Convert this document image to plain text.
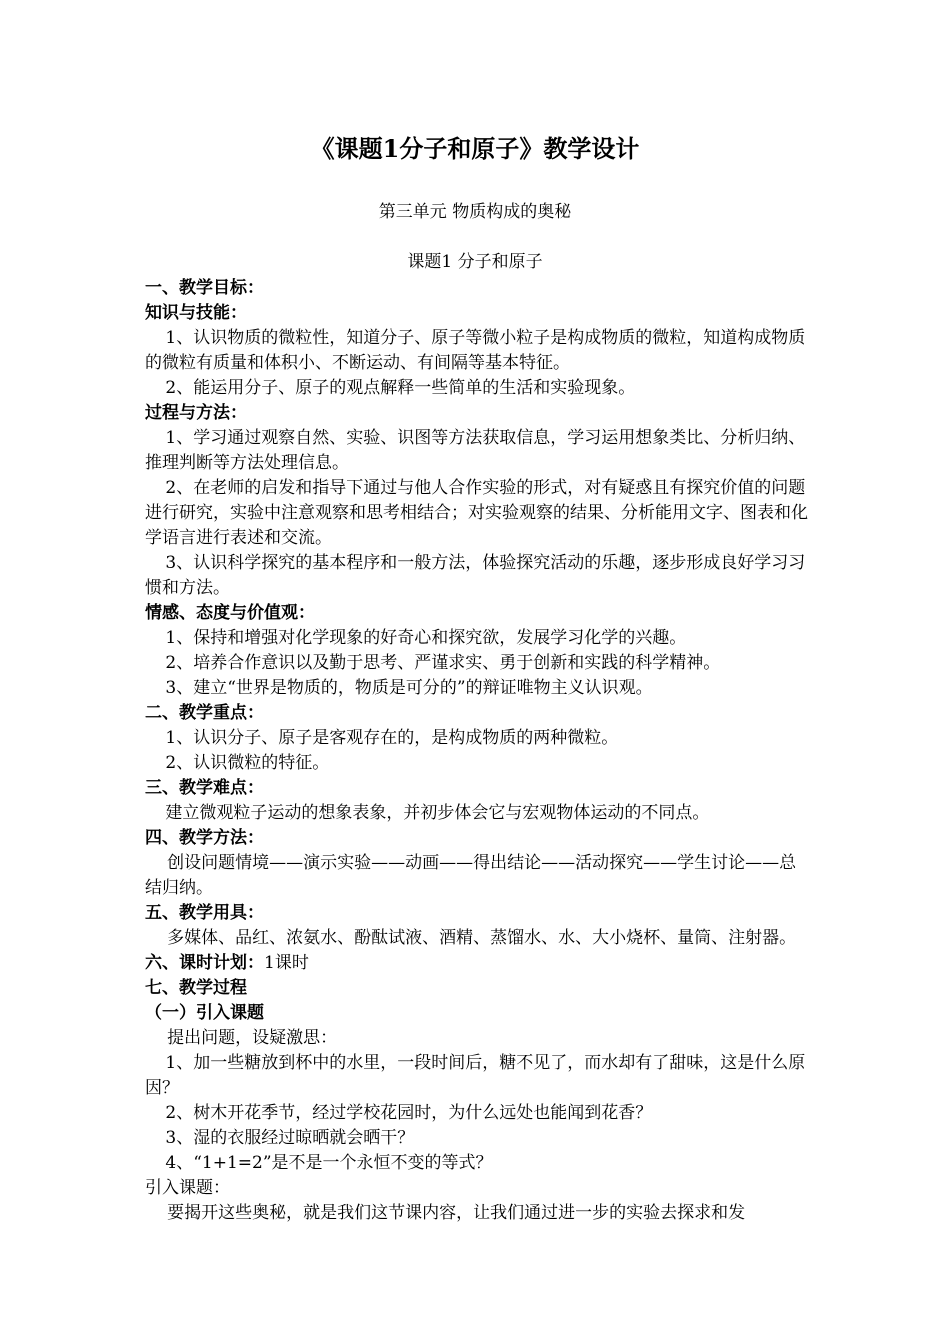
《课题1分子和原子》教学设计
第三单元 物质构成的奥秘
课题1 分子和原子

一、教学目标：

知识与技能：

1、认识物质的微粒性，知道分子、原子等微小粒子是构成物质的微粒，知道构成物质的微粒有质量和体积小、不断运动、有间隔等基本特征。

2、能运用分子、原子的观点解释一些简单的生活和实验现象。

过程与方法：

1、学习通过观察自然、实验、识图等方法获取信息，学习运用想象类比、分析归纳、推理判断等方法处理信息。

2、在老师的启发和指导下通过与他人合作实验的形式，对有疑惑且有探究价值的问题进行研究，实验中注意观察和思考相结合；对实验观察的结果、分析能用文字、图表和化学语言进行表述和交流。

3、认识科学探究的基本程序和一般方法，体验探究活动的乐趣，逐步形成良好学习习惯和方法。

情感、态度与价值观：

1、保持和增强对化学现象的好奇心和探究欲，发展学习化学的兴趣。

2、培养合作意识以及勤于思考、严谨求实、勇于创新和实践的科学精神。

3、建立“世界是物质的，物质是可分的”的辩证唯物主义认识观。

二、教学重点：

1、认识分子、原子是客观存在的，是构成物质的两种微粒。

2、认识微粒的特征。

三、教学难点：

建立微观粒子运动的想象表象，并初步体会它与宏观物体运动的不同点。

四、教学方法：

创设问题情境——演示实验——动画——得出结论——活动探究——学生讨论——总结归纳。

五、教学用具：

多媒体、品红、浓氨水、酚酞试液、酒精、蒸馏水、水、大小烧杯、量筒、注射器。

六、课时计划：1课时

七、教学过程

（一）引入课题

提出问题，设疑激思：

1、加一些糖放到杯中的水里，一段时间后，糖不见了，而水却有了甜味，这是什么原因？

2、树木开花季节，经过学校花园时，为什么远处也能闻到花香？

3、湿的衣服经过晾晒就会晒干？

4、“1+1=2”是不是一个永恒不变的等式？

引入课题：

要揭开这些奥秘，就是我们这节课内容，让我们通过进一步的实验去探求和发
